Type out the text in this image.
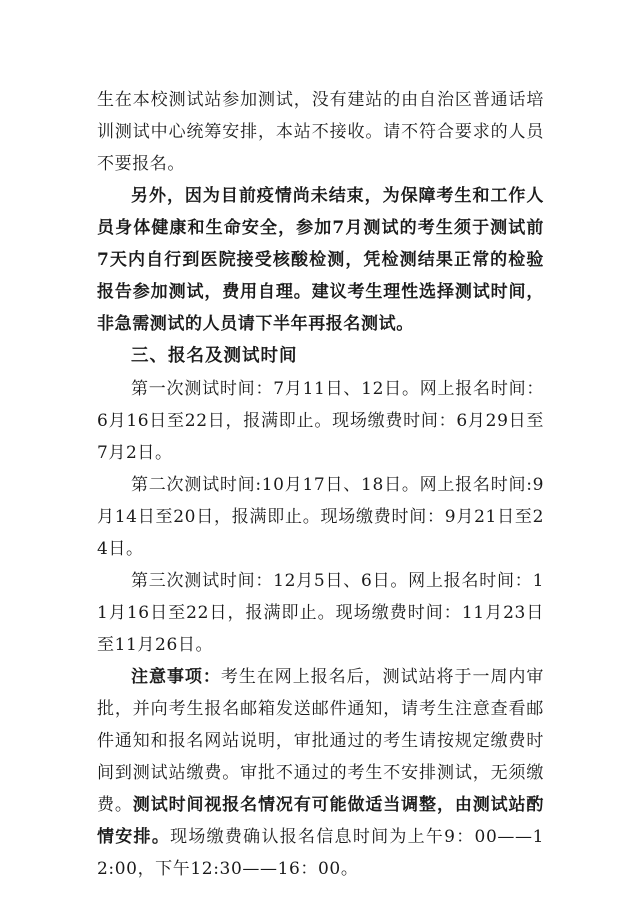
生在本校测试站参加测试，没有建站的由自治区普通话培训测试中心统筹安排，本站不接收。请不符合要求的人员不要报名。

另外，因为目前疫情尚未结束，为保障考生和工作人员身体健康和生命安全，参加7月测试的考生须于测试前7天内自行到医院接受核酸检测，凭检测结果正常的检验报告参加测试，费用自理。建议考生理性选择测试时间，非急需测试的人员请下半年再报名测试。

三、报名及测试时间

第一次测试时间：7月11日、12日。网上报名时间：6月16日至22日，报满即止。现场缴费时间：6月29日至7月2日。

第二次测试时间:10月17日、18日。网上报名时间:9月14日至20日，报满即止。现场缴费时间：9月21日至24日。

第三次测试时间：12月5日、6日。网上报名时间：11月16日至22日，报满即止。现场缴费时间：11月23日至11月26日。

注意事项：考生在网上报名后，测试站将于一周内审批，并向考生报名邮箱发送邮件通知，请考生注意查看邮件通知和报名网站说明，审批通过的考生请按规定缴费时间到测试站缴费。审批不通过的考生不安排测试，无须缴费。测试时间视报名情况有可能做适当调整，由测试站酌情安排。现场缴费确认报名信息时间为上午9：00——12:00，下午12:30——16：00。
